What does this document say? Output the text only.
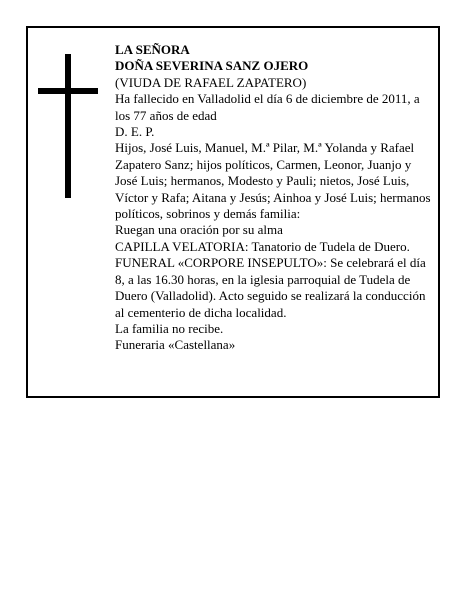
LA SEÑORA

DOÑA SEVERINA SANZ OJERO

(VIUDA DE RAFAEL ZAPATERO)

Ha fallecido en Valladolid el día 6 de diciembre de 2011, a los 77 años de edad

D. E. P.

Hijos, José Luis, Manuel, M.ª Pilar, M.ª Yolanda y Rafael Zapatero Sanz; hijos políticos, Carmen, Leonor, Juanjo y José Luis; hermanos, Modesto y Pauli; nietos, José Luis, Víctor y Rafa; Aitana y Jesús; Ainhoa y José Luis; hermanos políticos, sobrinos y demás familia:

Ruegan una oración por su alma

CAPILLA VELATORIA: Tanatorio de Tudela de Duero.

FUNERAL «CORPORE INSEPULTO»: Se celebrará el día 8, a las 16.30 horas, en la iglesia parroquial de Tudela de Duero (Valladolid). Acto seguido se realizará la conducción al cementerio de dicha localidad.

La familia no recibe.

Funeraria «Castellana»
